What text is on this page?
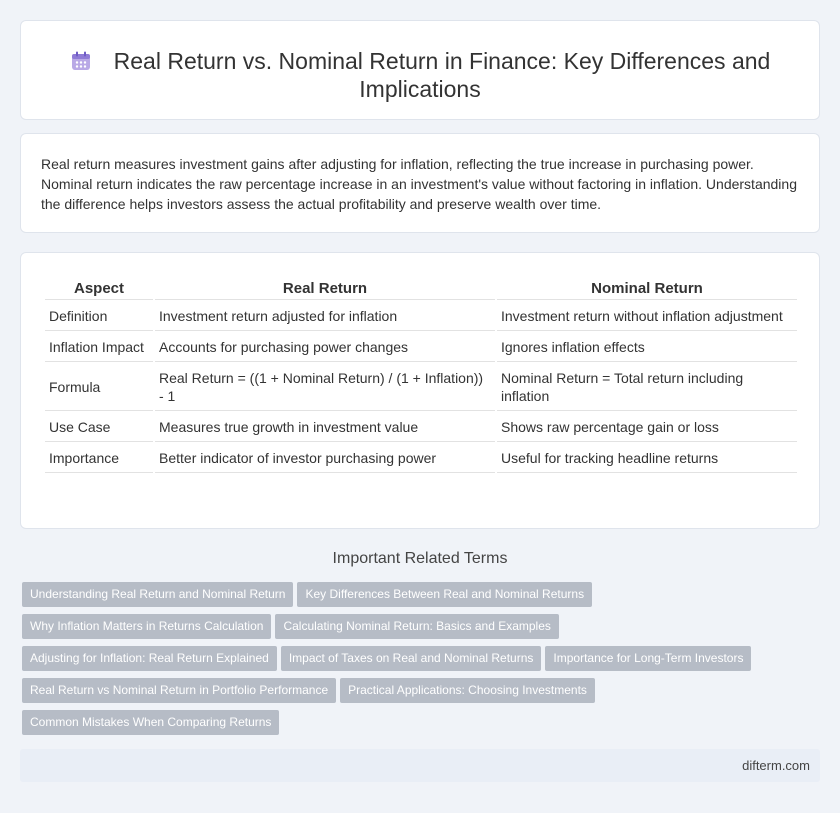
Real Return vs. Nominal Return in Finance: Key Differences and Implications

Real return measures investment gains after adjusting for inflation, reflecting the true increase in purchasing power. Nominal return indicates the raw percentage increase in an investment's value without factoring in inflation. Understanding the difference helps investors assess the actual profitability and preserve wealth over time.

Aspect	Real Return	Nominal Return
Definition	Investment return adjusted for inflation	Investment return without inflation adjustment
Inflation Impact	Accounts for purchasing power changes	Ignores inflation effects
Formula	Real Return = ((1 + Nominal Return) / (1 + Inflation)) - 1	Nominal Return = Total return including inflation
Use Case	Measures true growth in investment value	Shows raw percentage gain or loss
Importance	Better indicator of investor purchasing power	Useful for tracking headline returns
Important Related Terms
Understanding Real Return and Nominal Return Key Differences Between Real and Nominal Returns
Why Inflation Matters in Returns Calculation Calculating Nominal Return: Basics and Examples
Adjusting for Inflation: Real Return Explained Impact of Taxes on Real and Nominal Returns Importance for Long-Term Investors
Real Return vs Nominal Return in Portfolio Performance Practical Applications: Choosing Investments
Common Mistakes When Comparing Returns
difterm.com
